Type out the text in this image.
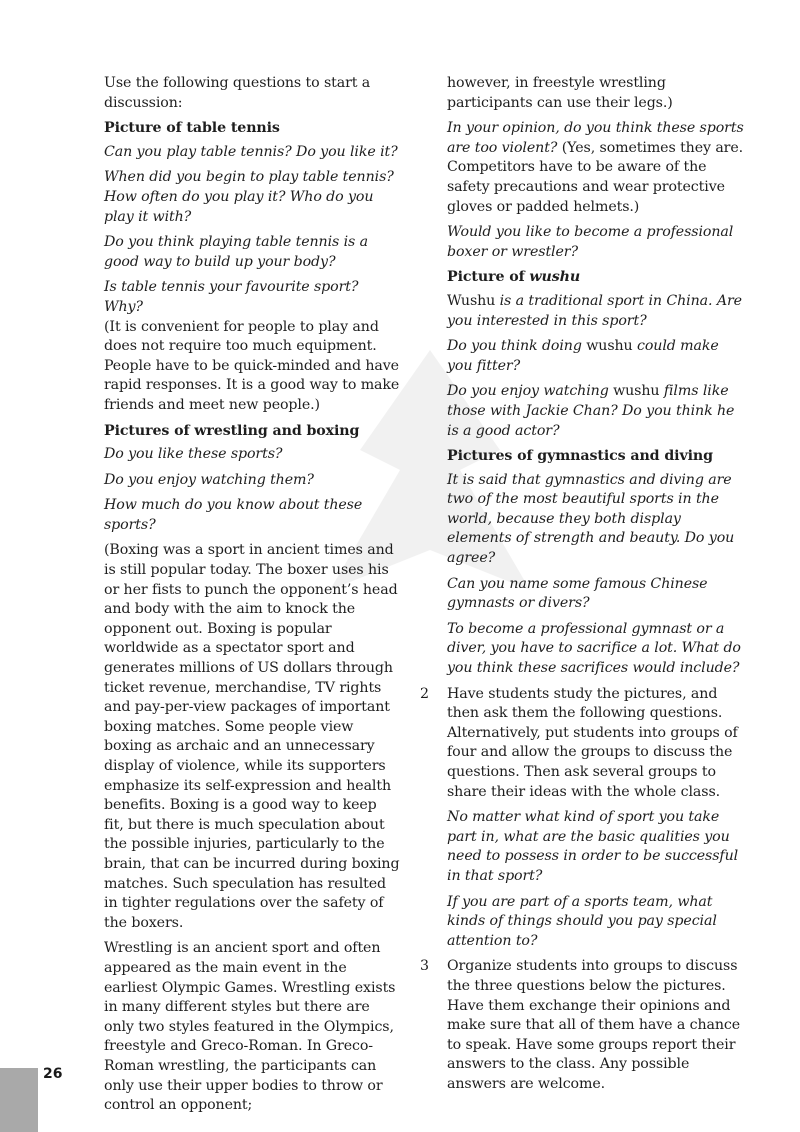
Use the following questions to start a discussion:

Picture of table tennis

Can you play table tennis? Do you like it?

When did you begin to play table tennis? How often do you play it? Who do you play it with?

Do you think playing table tennis is a good way to build up your body?

Is table tennis your favourite sport? Why?

(It is convenient for people to play and does not require too much equipment. People have to be quick-minded and have rapid responses. It is a good way to make friends and meet new people.)

Pictures of wrestling and boxing

Do you like these sports?

Do you enjoy watching them?

How much do you know about these sports?

(Boxing was a sport in ancient times and is still popular today. The boxer uses his or her fists to punch the opponent’s head and body with the aim to knock the opponent out. Boxing is popular worldwide as a spectator sport and generates millions of US dollars through ticket revenue, merchandise, TV rights and pay-per-view packages of important boxing matches. Some people view boxing as archaic and an unnecessary display of violence, while its supporters emphasize its self-expression and health benefits. Boxing is a good way to keep fit, but there is much speculation about the possible injuries, particularly to the brain, that can be incurred during boxing matches. Such speculation has resulted in tighter regulations over the safety of the boxers.

Wrestling is an ancient sport and often appeared as the main event in the earliest Olympic Games. Wrestling exists in many different styles but there are only two styles featured in the Olympics, freestyle and Greco-Roman. In Greco-Roman wrestling, the participants can only use their upper bodies to throw or control an opponent;

however, in freestyle wrestling participants can use their legs.)

In your opinion, do you think these sports are too violent? (Yes, sometimes they are. Competitors have to be aware of the safety precautions and wear protective gloves or padded helmets.)

Would you like to become a professional boxer or wrestler?

Picture of wushu

Wushu is a traditional sport in China. Are you interested in this sport?

Do you think doing wushu could make you fitter?

Do you enjoy watching wushu films like those with Jackie Chan? Do you think he is a good actor?

Pictures of gymnastics and diving

It is said that gymnastics and diving are two of the most beautiful sports in the world, because they both display elements of strength and beauty. Do you agree?

Can you name some famous Chinese gymnasts or divers?

To become a professional gymnast or a diver, you have to sacrifice a lot. What do you think these sacrifices would include?

2 Have students study the pictures, and then ask them the following questions. Alternatively, put students into groups of four and allow the groups to discuss the questions. Then ask several groups to share their ideas with the whole class.

No matter what kind of sport you take part in, what are the basic qualities you need to possess in order to be successful in that sport?

If you are part of a sports team, what kinds of things should you pay special attention to?

3 Organize students into groups to discuss the three questions below the pictures. Have them exchange their opinions and make sure that all of them have a chance to speak. Have some groups report their answers to the class. Any possible answers are welcome.

26
